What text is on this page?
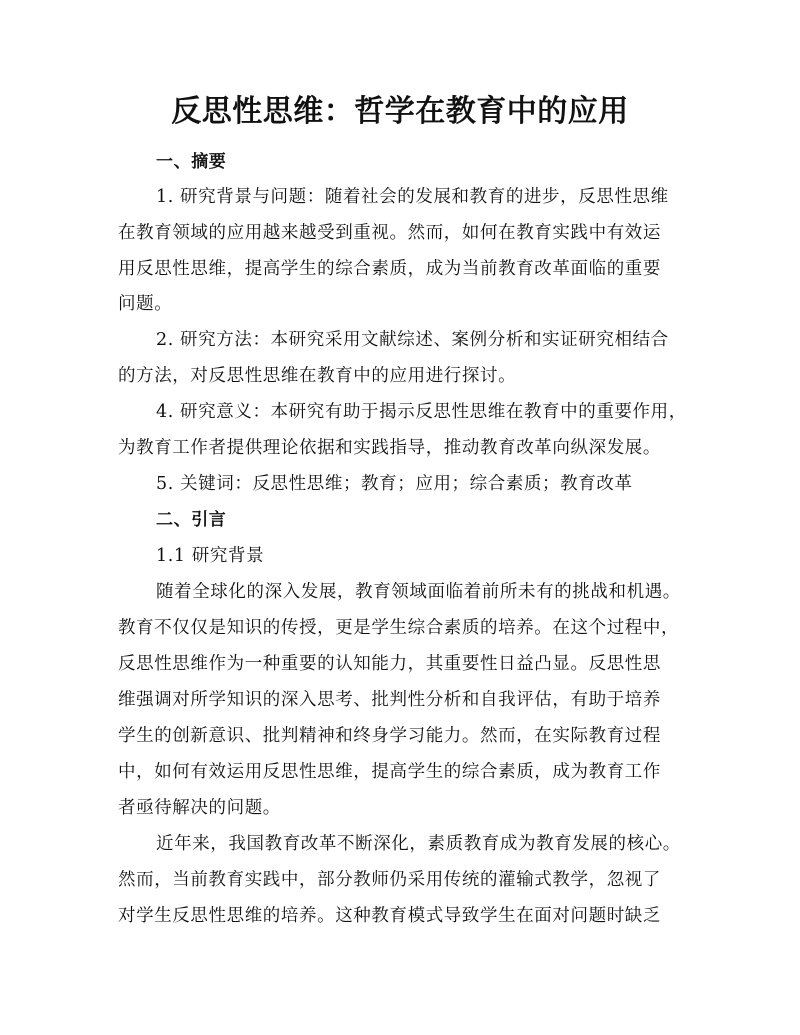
反思性思维：哲学在教育中的应用
一、摘要
1. 研究背景与问题：随着社会的发展和教育的进步，反思性思维
在教育领域的应用越来越受到重视。然而，如何在教育实践中有效运
用反思性思维，提高学生的综合素质，成为当前教育改革面临的重要
问题。
2. 研究方法：本研究采用文献综述、案例分析和实证研究相结合
的方法，对反思性思维在教育中的应用进行探讨。
4. 研究意义：本研究有助于揭示反思性思维在教育中的重要作用，
为教育工作者提供理论依据和实践指导，推动教育改革向纵深发展。
5. 关键词：反思性思维；教育；应用；综合素质；教育改革
二、引言
1.1 研究背景
随着全球化的深入发展，教育领域面临着前所未有的挑战和机遇。
教育不仅仅是知识的传授，更是学生综合素质的培养。在这个过程中，
反思性思维作为一种重要的认知能力，其重要性日益凸显。反思性思
维强调对所学知识的深入思考、批判性分析和自我评估，有助于培养
学生的创新意识、批判精神和终身学习能力。然而，在实际教育过程
中，如何有效运用反思性思维，提高学生的综合素质，成为教育工作
者亟待解决的问题。
近年来，我国教育改革不断深化，素质教育成为教育发展的核心。
然而，当前教育实践中，部分教师仍采用传统的灌输式教学，忽视了
对学生反思性思维的培养。这种教育模式导致学生在面对问题时缺乏
